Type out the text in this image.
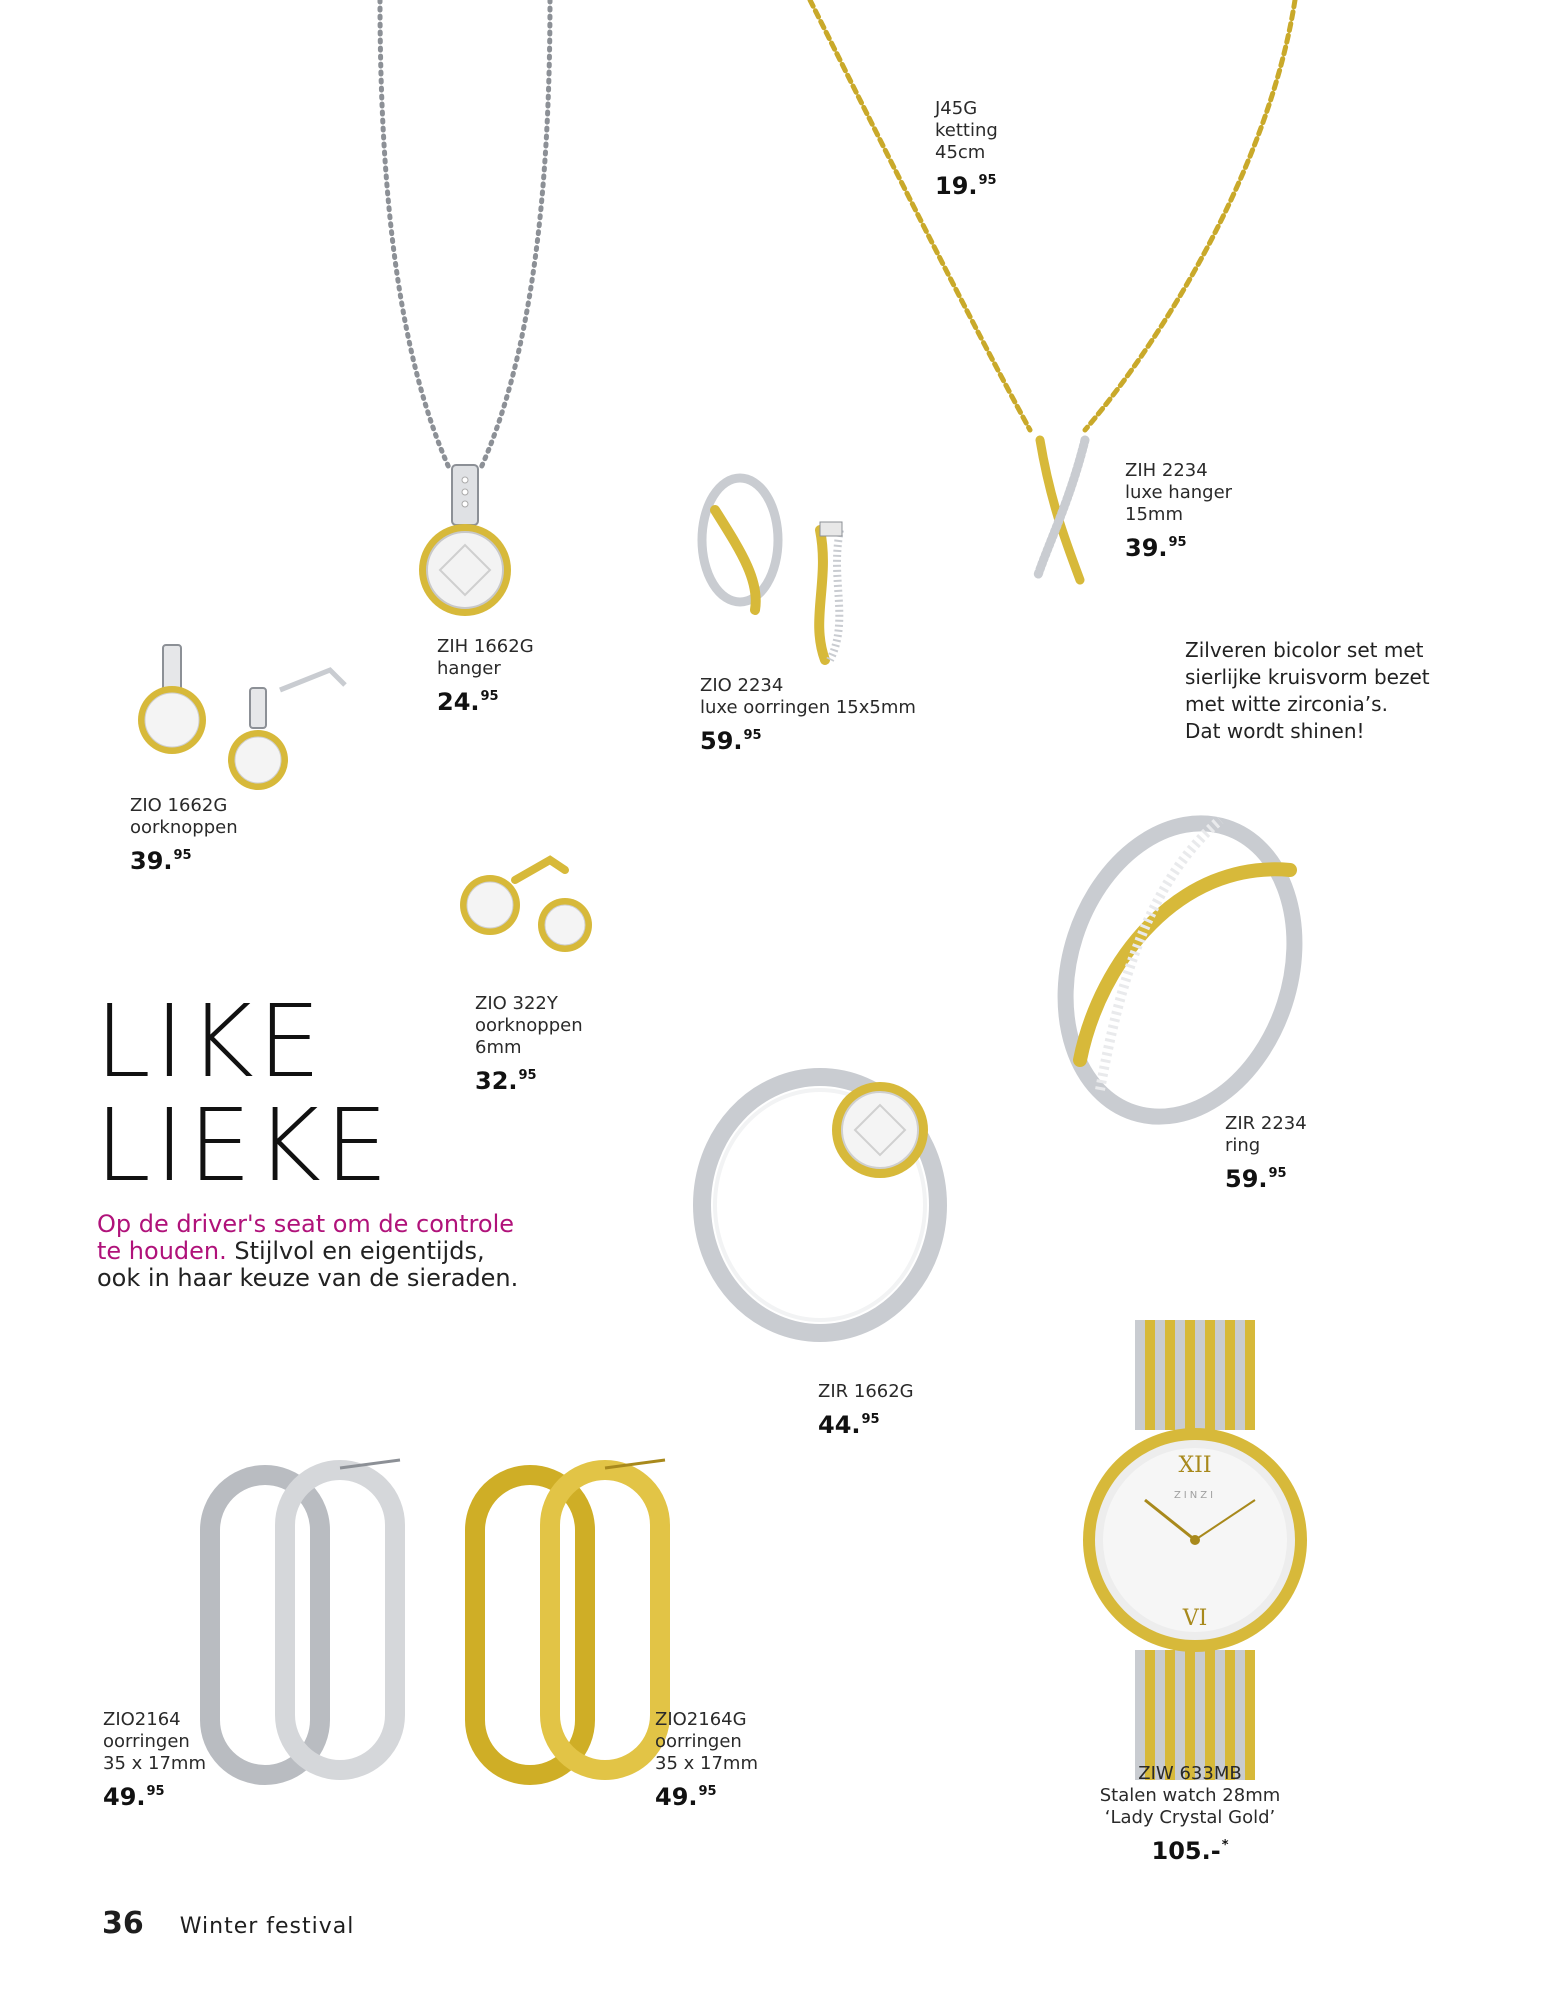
XII
VI
ZINZI
J45G
ketting
45cm
19.95
ZIH 2234
luxe hanger
15mm
39.95
ZIH 1662G
hanger
24.95
ZIO 2234
luxe oorringen 15x5mm
59.95
Zilveren bicolor set met
sierlijke kruisvorm bezet
met witte zirconia’s.
Dat wordt shinen!
ZIO 1662G
oorknoppen
39.95
ZIO 322Y
oorknoppen
6mm
32.95
LIKE
LIEKE
Op de driver's seat om de controle
te houden. Stijlvol en eigentijds,
ook in haar keuze van de sieraden.
ZIR 2234
ring
59.95
ZIR 1662G
44.95
ZIO2164
oorringen
35 x 17mm
49.95
ZIO2164G
oorringen
35 x 17mm
49.95
ZIW 633MB
Stalen watch 28mm
‘Lady Crystal Gold’
105.-*
36 Winter festival
